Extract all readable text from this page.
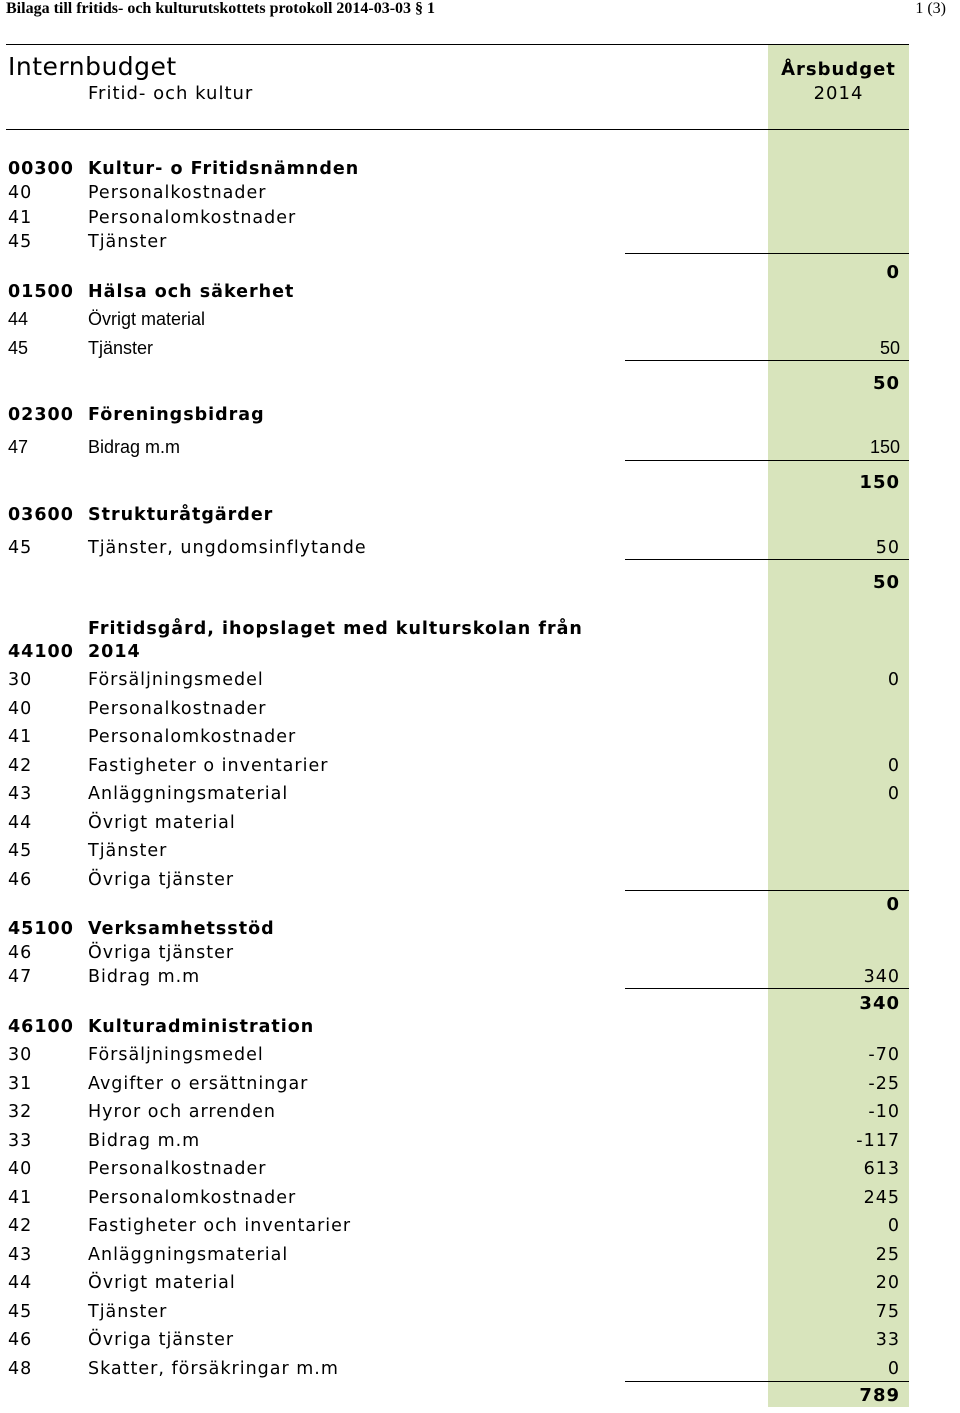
Bilaga till fritids- och kulturutskottets protokoll 2014-03-03 § 1	1 (3)
Internbudget
Fritid- och kultur
Årsbudget
2014
00300 Kultur- o Fritidsnämnden
40	Personalkostnader
41	Personalomkostnader
45	Tjänster
0
01500 Hälsa och säkerhet
44	Övrigt material
45	Tjänster	50
50
02300 Föreningsbidrag
47	Bidrag m.m	150
150
03600 Strukturåtgärder
45	Tjänster, ungdomsinflytande	50
50
Fritidsgård, ihopslaget med kulturskolan från
44100 2014
30	Försäljningsmedel	0
40	Personalkostnader
41	Personalomkostnader
42	Fastigheter o inventarier	0
43	Anläggningsmaterial	0
44	Övrigt material
45	Tjänster
46	Övriga tjänster
0
45100 Verksamhetsstöd
46	Övriga tjänster
47	Bidrag m.m	340
340
46100 Kulturadministration
30	Försäljningsmedel	-70
31	Avgifter o ersättningar	-25
32	Hyror och arrenden	-10
33	Bidrag m.m	-117
40	Personalkostnader	613
41	Personalomkostnader	245
42	Fastigheter och inventarier	0
43	Anläggningsmaterial	25
44	Övrigt material	20
45	Tjänster	75
46	Övriga tjänster	33
48	Skatter, försäkringar m.m	0
789
